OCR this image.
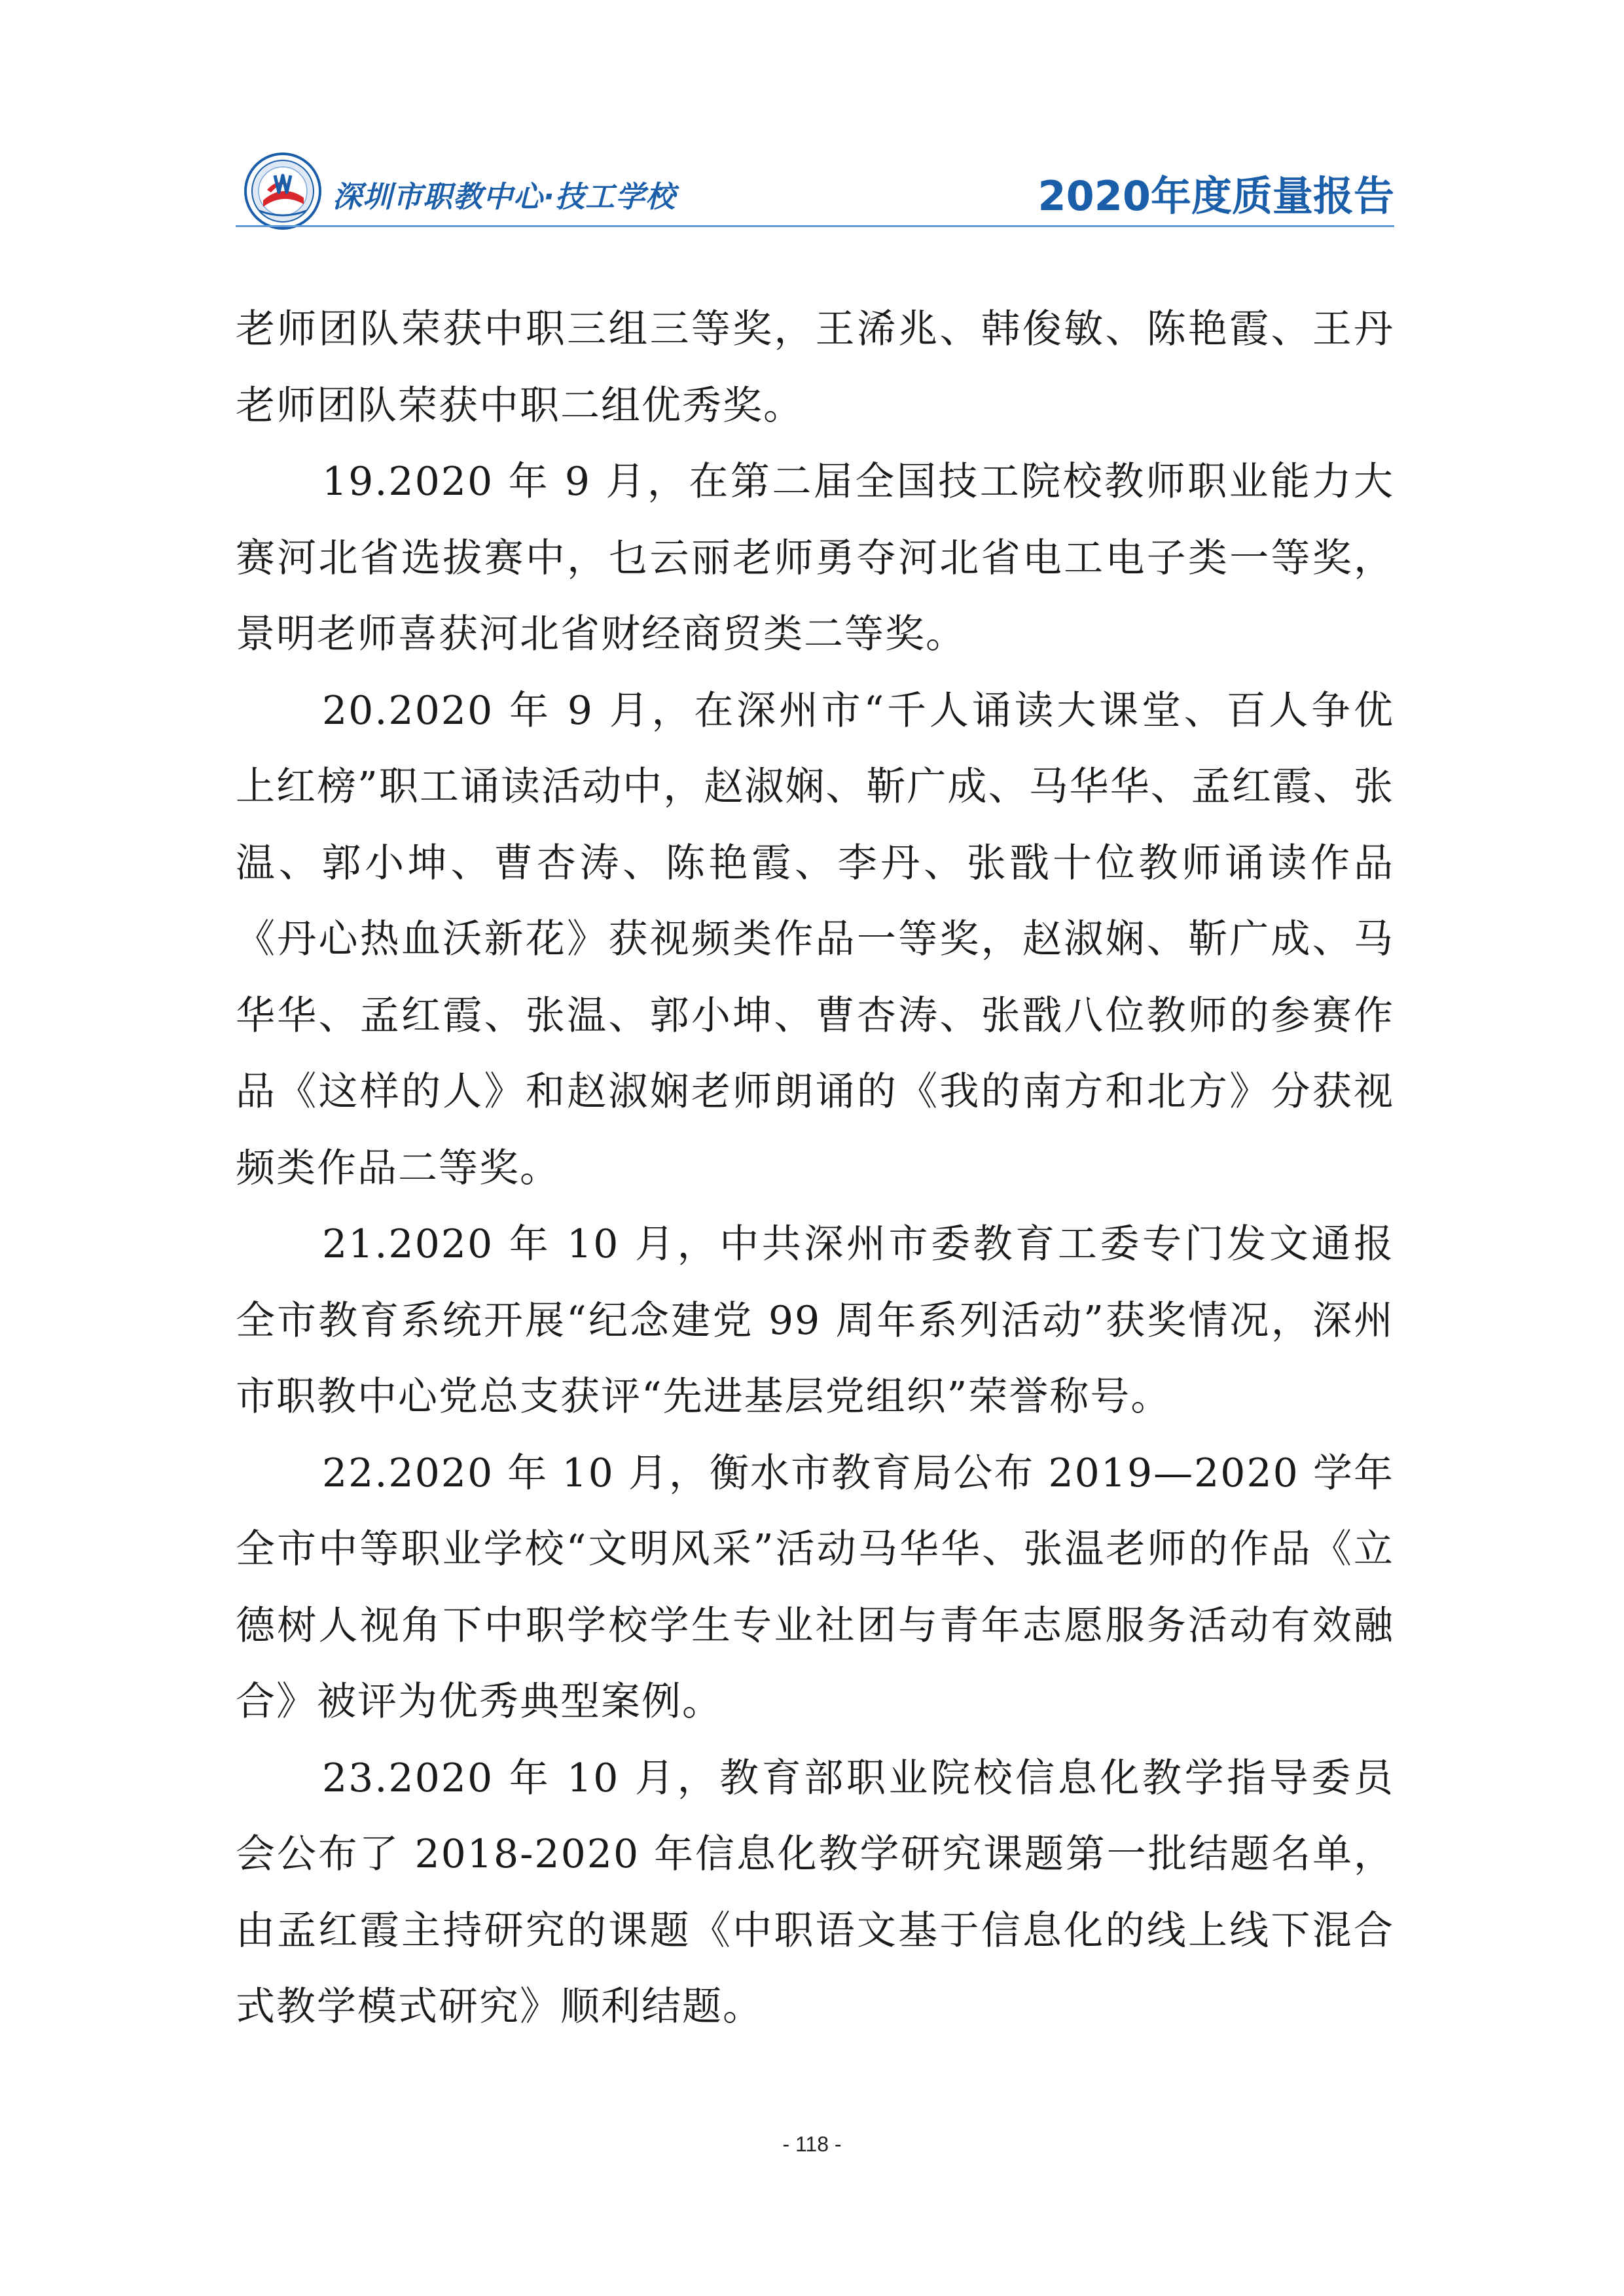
深圳市职教中心·技工学校	2020年度质量报告

老师团队荣获中职三组三等奖，王浠兆、韩俊敏、陈艳霞、王丹老师团队荣获中职二组优秀奖。

19.2020 年 9 月，在第二届全国技工院校教师职业能力大赛河北省选拔赛中，乜云丽老师勇夺河北省电工电子类一等奖，景明老师喜获河北省财经商贸类二等奖。

20.2020 年 9 月，在深州市“千人诵读大课堂、百人争优上红榜”职工诵读活动中，赵淑娴、靳广成、马华华、孟红霞、张温、郭小坤、曹杏涛、陈艳霞、李丹、张戬十位教师诵读作品《丹心热血沃新花》获视频类作品一等奖，赵淑娴、靳广成、马华华、孟红霞、张温、郭小坤、曹杏涛、张戬八位教师的参赛作品《这样的人》和赵淑娴老师朗诵的《我的南方和北方》分获视频类作品二等奖。

21.2020 年 10 月，中共深州市委教育工委专门发文通报全市教育系统开展“纪念建党 99 周年系列活动”获奖情况，深州市职教中心党总支获评“先进基层党组织”荣誉称号。

22.2020 年 10 月，衡水市教育局公布 2019—2020 学年全市中等职业学校“文明风采”活动马华华、张温老师的作品《立德树人视角下中职学校学生专业社团与青年志愿服务活动有效融合》被评为优秀典型案例。

23.2020 年 10 月，教育部职业院校信息化教学指导委员会公布了 2018-2020 年信息化教学研究课题第一批结题名单，由孟红霞主持研究的课题《中职语文基于信息化的线上线下混合式教学模式研究》顺利结题。

- 118 -
